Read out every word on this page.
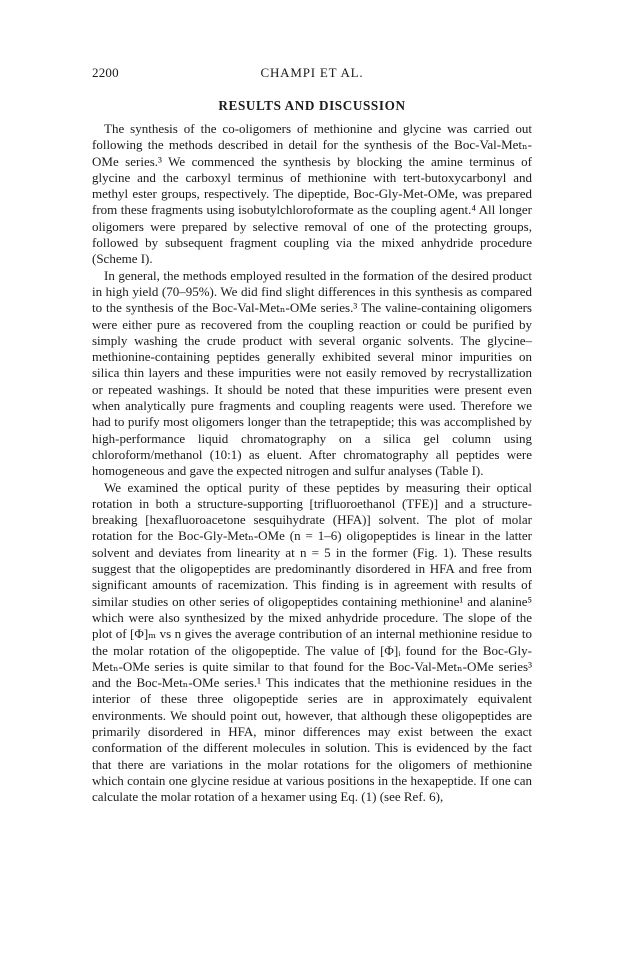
2200	CHAMPI ET AL.
RESULTS AND DISCUSSION

The synthesis of the co-oligomers of methionine and glycine was carried out following the methods described in detail for the synthesis of the Boc-Val-Metₙ-OMe series.³ We commenced the synthesis by blocking the amine terminus of glycine and the carboxyl terminus of methionine with tert-butoxycarbonyl and methyl ester groups, respectively. The dipeptide, Boc-Gly-Met-OMe, was prepared from these fragments using isobutylchloroformate as the coupling agent.⁴ All longer oligomers were prepared by selective removal of one of the protecting groups, followed by subsequent fragment coupling via the mixed anhydride procedure (Scheme I).

In general, the methods employed resulted in the formation of the desired product in high yield (70–95%). We did find slight differences in this synthesis as compared to the synthesis of the Boc-Val-Metₙ-OMe series.³ The valine-containing oligomers were either pure as recovered from the coupling reaction or could be purified by simply washing the crude product with several organic solvents. The glycine–methionine-containing peptides generally exhibited several minor impurities on silica thin layers and these impurities were not easily removed by recrystallization or repeated washings. It should be noted that these impurities were present even when analytically pure fragments and coupling reagents were used. Therefore we had to purify most oligomers longer than the tetrapeptide; this was accomplished by high-performance liquid chromatography on a silica gel column using chloroform/methanol (10:1) as eluent. After chromatography all peptides were homogeneous and gave the expected nitrogen and sulfur analyses (Table I).

We examined the optical purity of these peptides by measuring their optical rotation in both a structure-supporting [trifluoroethanol (TFE)] and a structure-breaking [hexafluoroacetone sesquihydrate (HFA)] solvent. The plot of molar rotation for the Boc-Gly-Metₙ-OMe (n = 1–6) oligopeptides is linear in the latter solvent and deviates from linearity at n = 5 in the former (Fig. 1). These results suggest that the oligopeptides are predominantly disordered in HFA and free from significant amounts of racemization. This finding is in agreement with results of similar studies on other series of oligopeptides containing methionine¹ and alanine⁵ which were also synthesized by the mixed anhydride procedure. The slope of the plot of [Φ]ₘ vs n gives the average contribution of an internal methionine residue to the molar rotation of the oligopeptide. The value of [Φ]ᵢ found for the Boc-Gly-Metₙ-OMe series is quite similar to that found for the Boc-Val-Metₙ-OMe series³ and the Boc-Metₙ-OMe series.¹ This indicates that the methionine residues in the interior of these three oligopeptide series are in approximately equivalent environments. We should point out, however, that although these oligopeptides are primarily disordered in HFA, minor differences may exist between the exact conformation of the different molecules in solution. This is evidenced by the fact that there are variations in the molar rotations for the oligomers of methionine which contain one glycine residue at various positions in the hexapeptide. If one can calculate the molar rotation of a hexamer using Eq. (1) (see Ref. 6),
